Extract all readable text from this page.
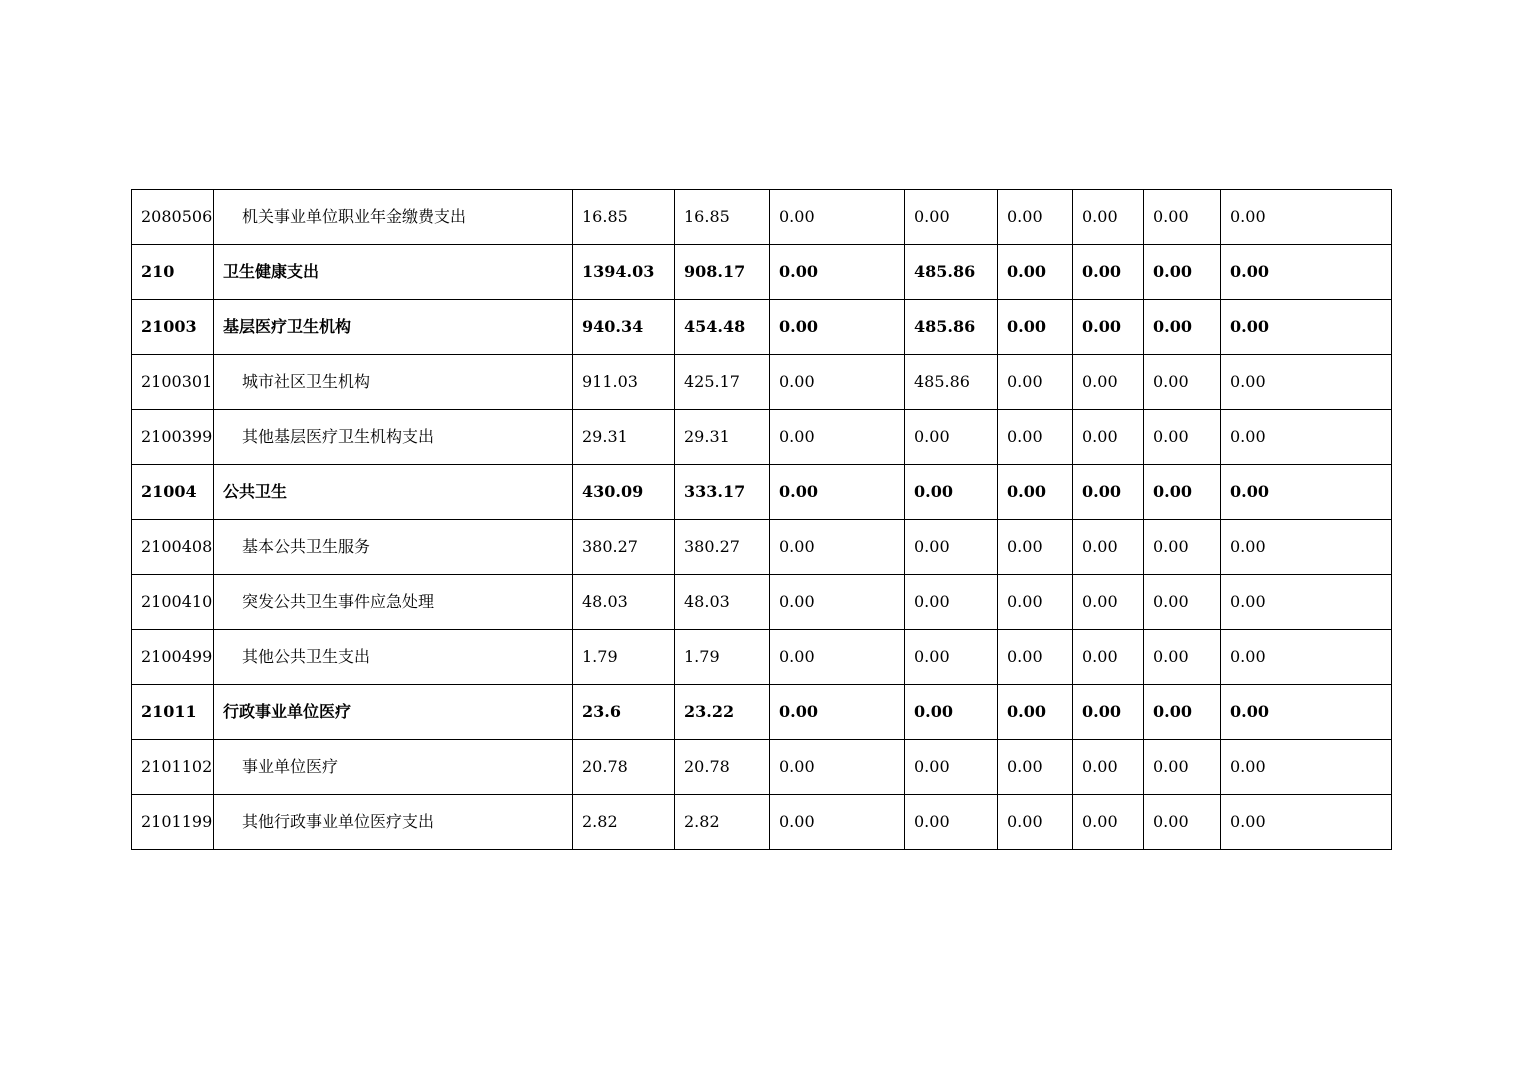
2080506	机关事业单位职业年金缴费支出	16.85	16.85	0.00	0.00	0.00	0.00	0.00	0.00
210	卫生健康支出	1394.03	908.17	0.00	485.86	0.00	0.00	0.00	0.00
21003	基层医疗卫生机构	940.34	454.48	0.00	485.86	0.00	0.00	0.00	0.00
2100301	城市社区卫生机构	911.03	425.17	0.00	485.86	0.00	0.00	0.00	0.00
2100399	其他基层医疗卫生机构支出	29.31	29.31	0.00	0.00	0.00	0.00	0.00	0.00
21004	公共卫生	430.09	333.17	0.00	0.00	0.00	0.00	0.00	0.00
2100408	基本公共卫生服务	380.27	380.27	0.00	0.00	0.00	0.00	0.00	0.00
2100410	突发公共卫生事件应急处理	48.03	48.03	0.00	0.00	0.00	0.00	0.00	0.00
2100499	其他公共卫生支出	1.79	1.79	0.00	0.00	0.00	0.00	0.00	0.00
21011	行政事业单位医疗	23.6	23.22	0.00	0.00	0.00	0.00	0.00	0.00
2101102	事业单位医疗	20.78	20.78	0.00	0.00	0.00	0.00	0.00	0.00
2101199	其他行政事业单位医疗支出	2.82	2.82	0.00	0.00	0.00	0.00	0.00	0.00
